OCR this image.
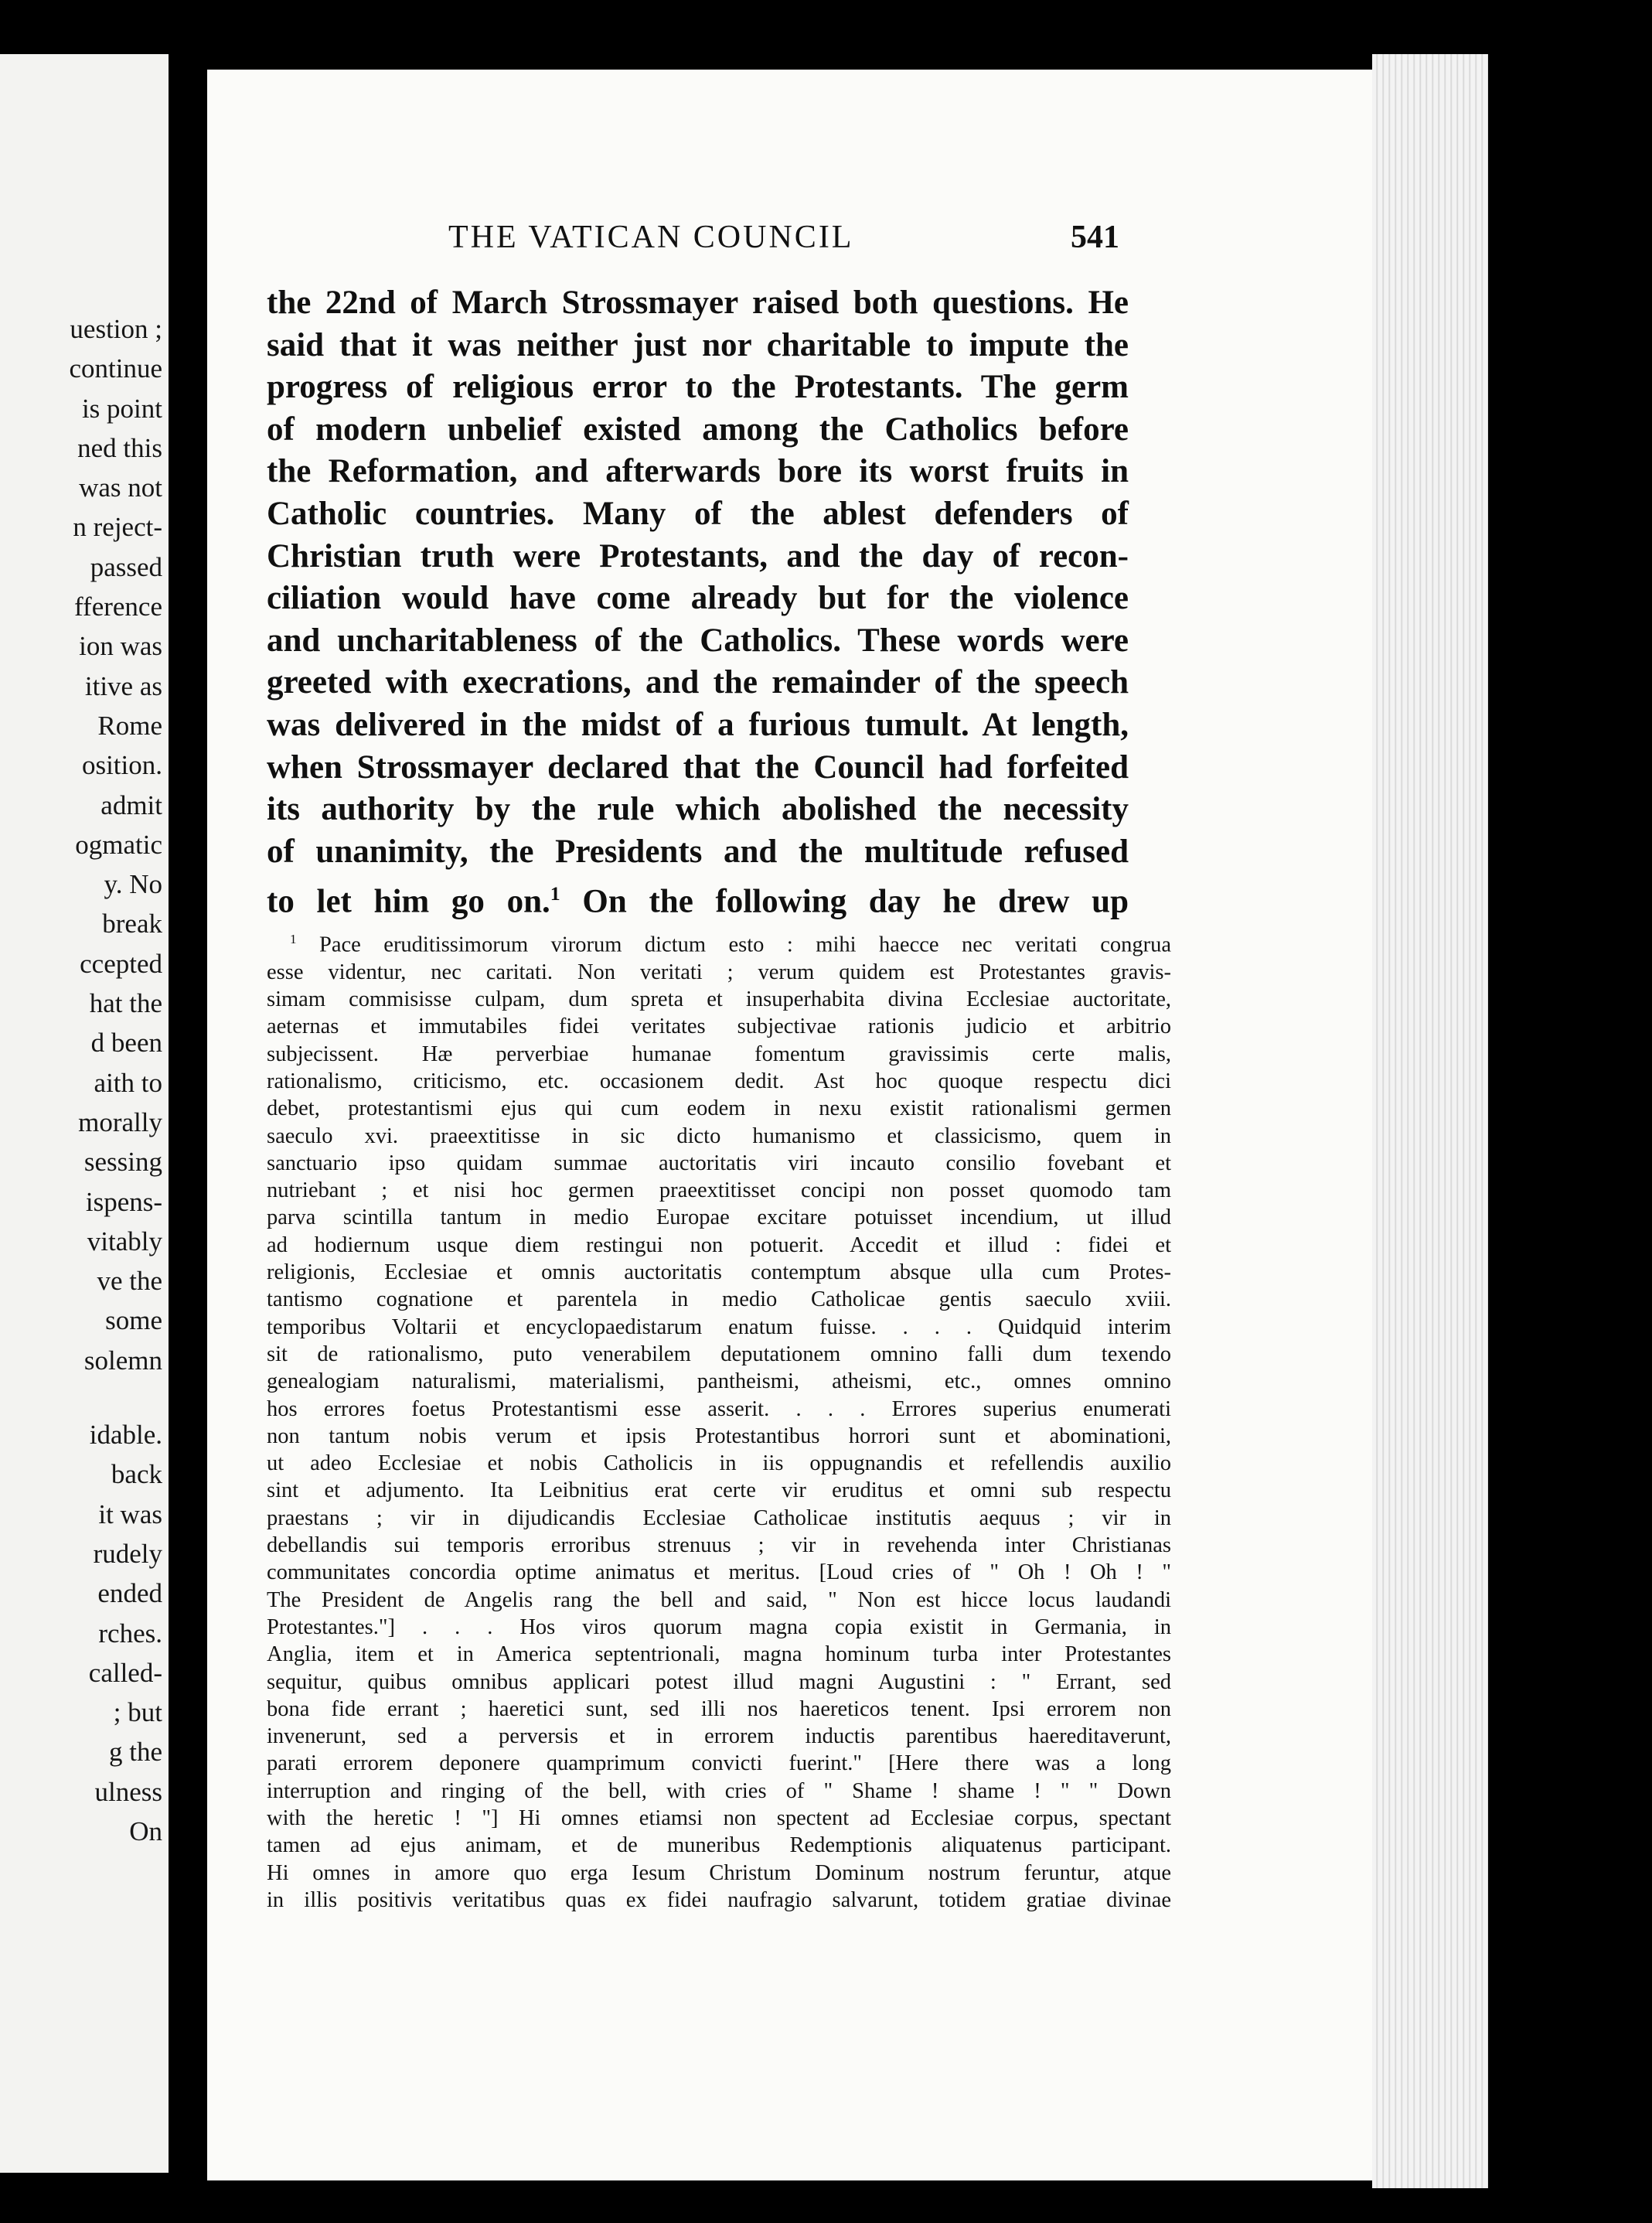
uestion ;
continue
is point
ned this
was not
n reject-
passed
fference
ion was
itive as
Rome
osition.
admit
ogmatic
y. No
break
ccepted
hat the
d been
aith to
morally
sessing
ispens-
vitably
ve the
some
solemn
idable.
back
it was
rudely
ended
rches.
called-
; but
g the
ulness
On
THE VATICAN COUNCIL	541
the 22nd of March Strossmayer raised both questions. He
said that it was neither just nor charitable to impute the
progress of religious error to the Protestants. The germ
of modern unbelief existed among the Catholics before
the Reformation, and afterwards bore its worst fruits in
Catholic countries. Many of the ablest defenders of
Christian truth were Protestants, and the day of recon-
ciliation would have come already but for the violence
and uncharitableness of the Catholics. These words were
greeted with execrations, and the remainder of the speech
was delivered in the midst of a furious tumult. At length,
when Strossmayer declared that the Council had forfeited
its authority by the rule which abolished the necessity
of unanimity, the Presidents and the multitude refused
to let him go on.$^1$ On the following day he drew up
$^1$ Pace eruditissimorum virorum dictum esto : mihi haecce nec veritati congrua
esse videntur, nec caritati. Non veritati ; verum quidem est Protestantes gravis-
simam commisisse culpam, dum spreta et insuperhabita divina Ecclesiae auctoritate,
aeternas et immutabiles fidei veritates subjectivae rationis judicio et arbitrio
subjecissent. Hæ perverbiae humanae fomentum gravissimis certe malis,
rationalismo, criticismo, etc. occasionem dedit. Ast hoc quoque respectu dici
debet, protestantismi ejus qui cum eodem in nexu existit rationalismi germen
saeculo xvi. praeextitisse in sic dicto humanismo et classicismo, quem in
sanctuario ipso quidam summae auctoritatis viri incauto consilio fovebant et
nutriebant ; et nisi hoc germen praeextitisset concipi non posset quomodo tam
parva scintilla tantum in medio Europae excitare potuisset incendium, ut illud
ad hodiernum usque diem restingui non potuerit. Accedit et illud : fidei et
religionis, Ecclesiae et omnis auctoritatis contemptum absque ulla cum Protes-
tantismo cognatione et parentela in medio Catholicae gentis saeculo xviii.
temporibus Voltarii et encyclopaedistarum enatum fuisse. . . . Quidquid interim
sit de rationalismo, puto venerabilem deputationem omnino falli dum texendo
genealogiam naturalismi, materialismi, pantheismi, atheismi, etc., omnes omnino
hos errores foetus Protestantismi esse asserit. . . . Errores superius enumerati
non tantum nobis verum et ipsis Protestantibus horrori sunt et abominationi,
ut adeo Ecclesiae et nobis Catholicis in iis oppugnandis et refellendis auxilio
sint et adjumento. Ita Leibnitius erat certe vir eruditus et omni sub respectu
praestans ; vir in dijudicandis Ecclesiae Catholicae institutis aequus ; vir in
debellandis sui temporis erroribus strenuus ; vir in revehenda inter Christianas
communitates concordia optime animatus et meritus. [Loud cries of " Oh ! Oh ! "
The President de Angelis rang the bell and said, " Non est hicce locus laudandi
Protestantes."] . . . Hos viros quorum magna copia existit in Germania, in
Anglia, item et in America septentrionali, magna hominum turba inter Protestantes
sequitur, quibus omnibus applicari potest illud magni Augustini : " Errant, sed
bona fide errant ; haeretici sunt, sed illi nos haereticos tenent. Ipsi errorem non
invenerunt, sed a perversis et in errorem inductis parentibus haereditaverunt,
parati errorem deponere quamprimum convicti fuerint." [Here there was a long
interruption and ringing of the bell, with cries of " Shame ! shame ! " " Down
with the heretic ! "] Hi omnes etiamsi non spectent ad Ecclesiae corpus, spectant
tamen ad ejus animam, et de muneribus Redemptionis aliquatenus participant.
Hi omnes in amore quo erga Iesum Christum Dominum nostrum feruntur, atque
in illis positivis veritatibus quas ex fidei naufragio salvarunt, totidem gratiae divinae
